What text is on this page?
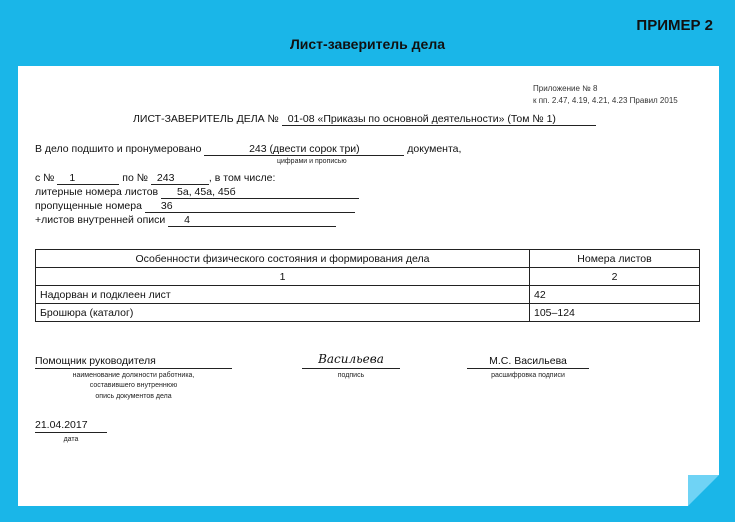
ПРИМЕР 2
Лист-заверитель дела
Приложение № 8
к пп. 2.47, 4.19, 4.21, 4.23 Правил 2015
ЛИСТ-ЗАВЕРИТЕЛЬ ДЕЛА № 01-08 «Приказы по основной деятельности» (Том № 1)
В дело подшито и пронумеровано	243 (двести сорок три)	документа,
цифрами и прописью
с № 1	по № 243	, в том числе:
литерные номера листов 5а, 45а, 45б
пропущенные номера 36
+листов внутренней описи 4
Особенности физического состояния и формирования дела	Номера листов
1	2
Надорван и подклеен лист	42
Брошюра (каталог)	105–124
Помощник руководителя
наименование должности работника,
составившего внутреннюю
опись документов дела
Васильева
подпись
М.С. Васильева
расшифровка подписи
21.04.2017
дата
